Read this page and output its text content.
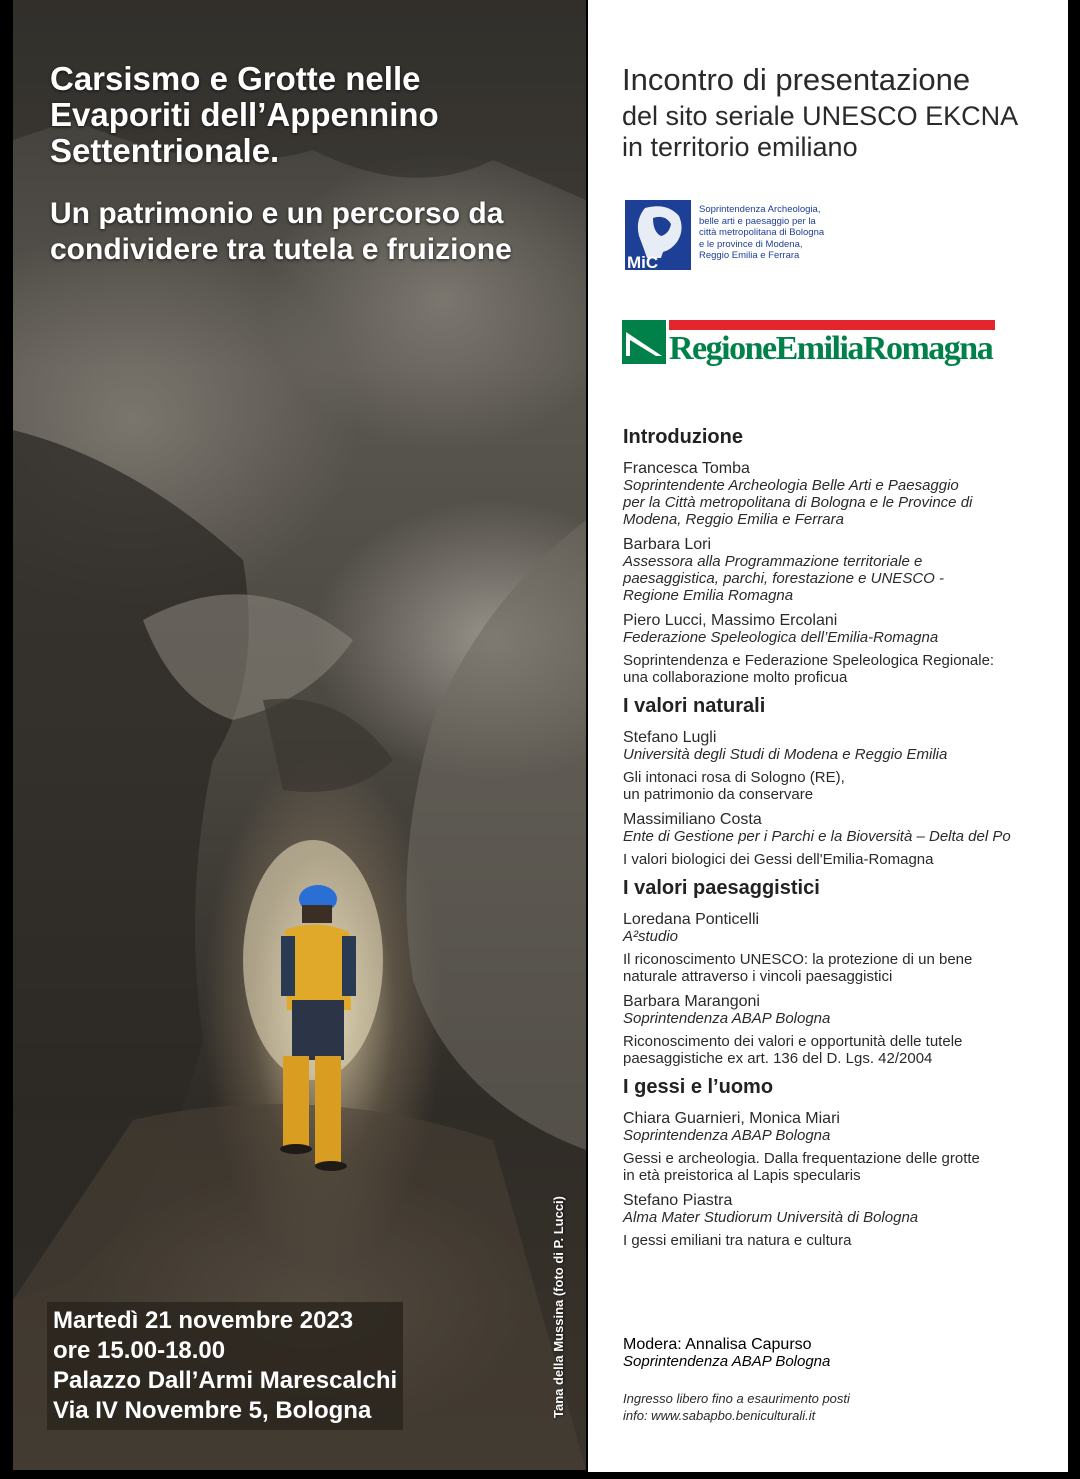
Carsismo e Grotte nelle
Evaporiti dell’Appennino
Settentrionale.
Un patrimonio e un percorso da
condividere tra tutela e fruizione
Martedì 21 novembre 2023
ore 15.00-18.00
Palazzo Dall’Armi Marescalchi
Via IV Novembre 5, Bologna	Tana della Mussina (foto di P. Lucci)
Incontro di presentazione
del sito seriale UNESCO EKCNA
in territorio emiliano
MiC
Soprintendenza Archeologia,
belle arti e paesaggio per la
città metropolitana di Bologna
e le province di Modena,
Reggio Emilia e Ferrara
RegioneEmiliaRomagna
Introduzione
Francesca Tomba
Soprintendente Archeologia Belle Arti e Paesaggio
per la Città metropolitana di Bologna e le Province di
Modena, Reggio Emilia e Ferrara
Barbara Lori
Assessora alla Programmazione territoriale e
paesaggistica, parchi, forestazione e UNESCO -
Regione Emilia Romagna
Piero Lucci, Massimo Ercolani
Federazione Speleologica dell’Emilia-Romagna
Soprintendenza e Federazione Speleologica Regionale:
una collaborazione molto proficua
I valori naturali
Stefano Lugli
Università degli Studi di Modena e Reggio Emilia
Gli intonaci rosa di Sologno (RE),
un patrimonio da conservare
Massimiliano Costa
Ente di Gestione per i Parchi e la Bioversità – Delta del Po
I valori biologici dei Gessi dell'Emilia-Romagna
I valori paesaggistici
Loredana Ponticelli
A²studio
Il riconoscimento UNESCO: la protezione di un bene
naturale attraverso i vincoli paesaggistici
Barbara Marangoni
Soprintendenza ABAP Bologna
Riconoscimento dei valori e opportunità delle tutele
paesaggistiche ex art. 136 del D. Lgs. 42/2004
I gessi e l’uomo
Chiara Guarnieri, Monica Miari
Soprintendenza ABAP Bologna
Gessi e archeologia. Dalla frequentazione delle grotte
in età preistorica al Lapis specularis
Stefano Piastra
Alma Mater Studiorum Università di Bologna
I gessi emiliani tra natura e cultura
Modera: Annalisa Capurso
Soprintendenza ABAP Bologna
Ingresso libero fino a esaurimento posti
info: www.sabapbo.beniculturali.it
